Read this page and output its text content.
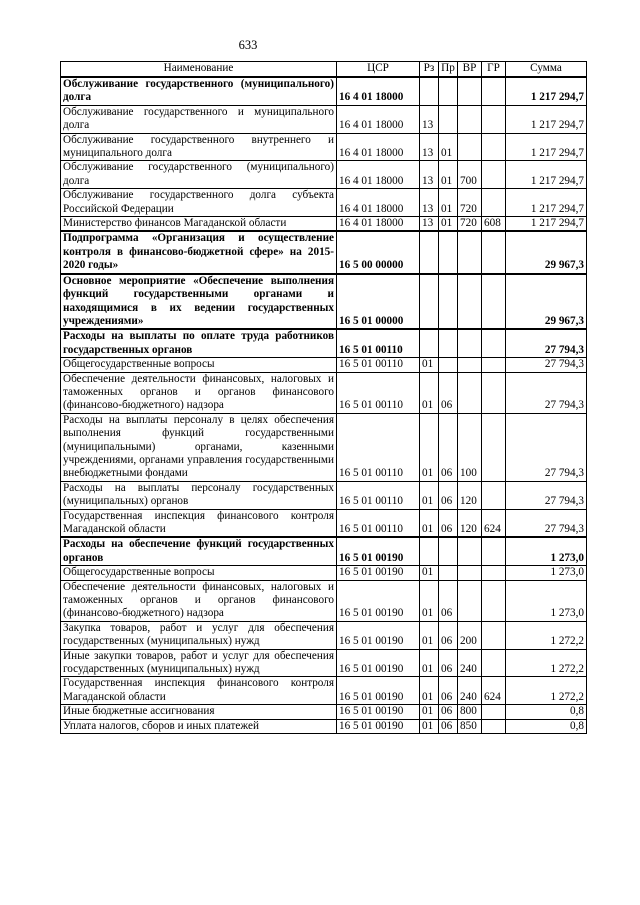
633
Наименование	ЦСР	Рз	Пр	ВР	ГР	Сумма
Обслуживание государственного (муниципального) долга	16 4 01 18000					1 217 294,7
Обслуживание государственного и муниципального долга	16 4 01 18000	13				1 217 294,7
Обслуживание государственного внутреннего и муниципального долга	16 4 01 18000	13	01			1 217 294,7
Обслуживание государственного (муниципального) долга	16 4 01 18000	13	01	700		1 217 294,7
Обслуживание государственного долга субъекта Российской Федерации	16 4 01 18000	13	01	720		1 217 294,7
Министерство финансов Магаданской области	16 4 01 18000	13	01	720	608	1 217 294,7
Подпрограмма «Организация и осуществление контроля в финансово-бюджетной сфере» на 2015-2020 годы»	16 5 00 00000					29 967,3
Основное мероприятие «Обеспечение выполнения функций государственными органами и находящимися в их ведении государственных учреждениями»	16 5 01 00000					29 967,3
Расходы на выплаты по оплате труда работников государственных органов	16 5 01 00110					27 794,3
Общегосударственные вопросы	16 5 01 00110	01				27 794,3
Обеспечение деятельности финансовых, налоговых и таможенных органов и органов финансового (финансово-бюджетного) надзора	16 5 01 00110	01	06			27 794,3
Расходы на выплаты персоналу в целях обеспечения выполнения функций государственными (муниципальными) органами, казенными учреждениями, органами управления государственными внебюджетными фондами	16 5 01 00110	01	06	100		27 794,3
Расходы на выплаты персоналу государственных (муниципальных) органов	16 5 01 00110	01	06	120		27 794,3
Государственная инспекция финансового контроля Магаданской области	16 5 01 00110	01	06	120	624	27 794,3
Расходы на обеспечение функций государственных органов	16 5 01 00190					1 273,0
Общегосударственные вопросы	16 5 01 00190	01				1 273,0
Обеспечение деятельности финансовых, налоговых и таможенных органов и органов финансового (финансово-бюджетного) надзора	16 5 01 00190	01	06			1 273,0
Закупка товаров, работ и услуг для обеспечения государственных (муниципальных) нужд	16 5 01 00190	01	06	200		1 272,2
Иные закупки товаров, работ и услуг для обеспечения государственных (муниципальных) нужд	16 5 01 00190	01	06	240		1 272,2
Государственная инспекция финансового контроля Магаданской области	16 5 01 00190	01	06	240	624	1 272,2
Иные бюджетные ассигнования	16 5 01 00190	01	06	800		0,8
Уплата налогов, сборов и иных платежей	16 5 01 00190	01	06	850		0,8
